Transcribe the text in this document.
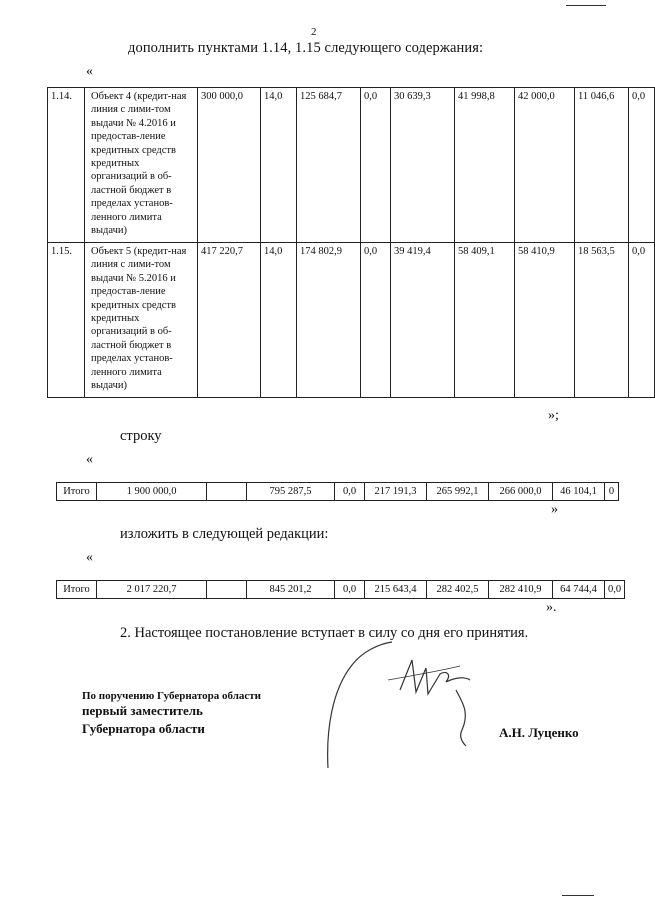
2
дополнить пунктами 1.14, 1.15 следующего содержания:
«
1.14.	Объект 4 (кредит-ная линия с лими-том выдачи № 4.2016 и предостав-ление кредитных средств кредитных организаций в об-ластной бюджет в пределах установ-ленного лимита выдачи)	300 000,0	14,0	125 684,7	0,0	30 639,3	41 998,8	42 000,0	11 046,6	0,0
1.15.	Объект 5 (кредит-ная линия с лими-том выдачи № 5.2016 и предостав-ление кредитных средств кредитных организаций в об-ластной бюджет в пределах установ-ленного лимита выдачи)	417 220,7	14,0	174 802,9	0,0	39 419,4	58 409,1	58 410,9	18 563,5	0,0
»;
строку
«
Итого	1 900 000,0		795 287,5	0,0	217 191,3	265 992,1	266 000,0	46 104,1	0
»
изложить в следующей редакции:
«
Итого	2 017 220,7		845 201,2	0,0	215 643,4	282 402,5	282 410,9	64 744,4	0,0
».
2. Настоящее постановление вступает в силу со дня его принятия.
По поручению Губернатора области
первый заместитель
Губернатора области	А.Н. Луценко
